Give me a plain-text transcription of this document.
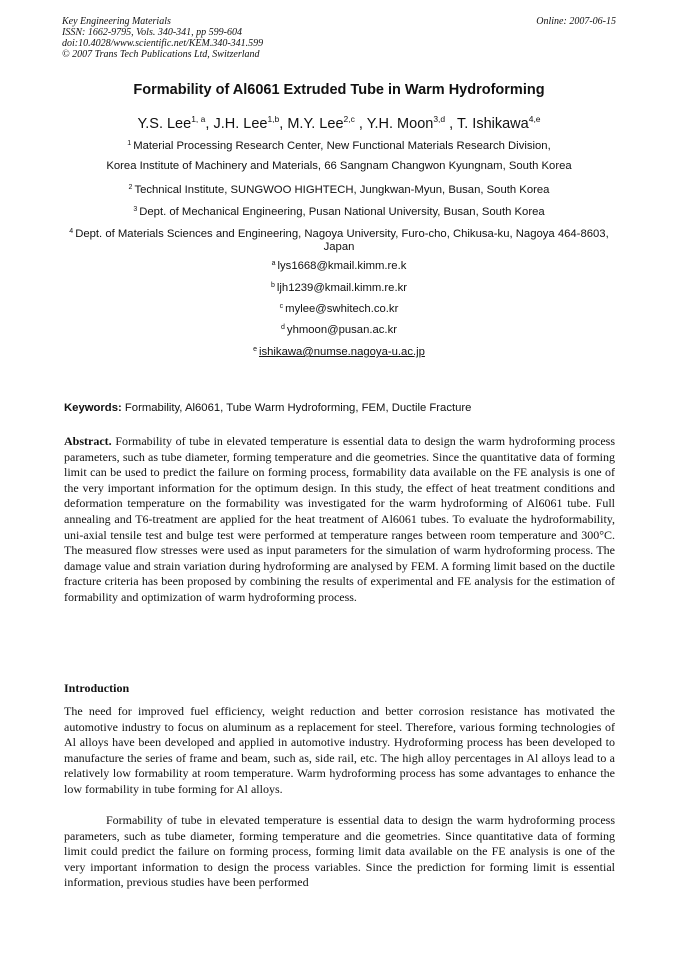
Key Engineering Materials
ISSN: 1662-9795, Vols. 340-341, pp 599-604
doi:10.4028/www.scientific.net/KEM.340-341.599
© 2007 Trans Tech Publications Ltd, Switzerland
Online: 2007-06-15
Formability of Al6061 Extruded Tube in Warm Hydroforming
Y.S. Lee$^{1, a}$, J.H. Lee$^{1,b}$, M.Y. Lee$^{2,c}$ , Y.H. Moon$^{3,d}$ , T. Ishikawa$^{4,e}$
$^1$ Material Processing Research Center, New Functional Materials Research Division,
Korea Institute of Machinery and Materials, 66 Sangnam Changwon Kyungnam, South Korea
$^2$ Technical Institute, SUNGWOO HIGHTECH, Jungkwan-Myun, Busan, South Korea
$^3$ Dept. of Mechanical Engineering, Pusan National University, Busan, South Korea
$^4$ Dept. of Materials Sciences and Engineering, Nagoya University, Furo-cho, Chikusa-ku, Nagoya 464-8603, Japan
$^a$ lys1668@kmail.kimm.re.k
$^b$ ljh1239@kmail.kimm.re.kr
$^c$ mylee@swhitech.co.kr
$^d$ yhmoon@pusan.ac.kr
$^e$ ishikawa@numse.nagoya-u.ac.jp
Keywords: Formability, Al6061, Tube Warm Hydroforming, FEM, Ductile Fracture

Abstract. Formability of tube in elevated temperature is essential data to design the warm hydroforming process parameters, such as tube diameter, forming temperature and die geometries. Since the quantitative data of forming limit can be used to predict the failure on forming process, formability data available on the FE analysis is one of the very important information for the optimum design. In this study, the effect of heat treatment conditions and deformation temperature on the formability was investigated for the warm hydroforming of Al6061 tube. Full annealing and T6-treatment are applied for the heat treatment of Al6061 tubes. To evaluate the hydroformability, uni-axial tensile test and bulge test were performed at temperature ranges between room temperature and 300°C. The measured flow stresses were used as input parameters for the simulation of warm hydroforming process. The damage value and strain variation during hydroforming are analysed by FEM. A forming limit based on the ductile fracture criteria has been proposed by combining the results of experimental and FE analysis for the estimation of formability and optimization of warm hydroforming process.

Introduction

The need for improved fuel efficiency, weight reduction and better corrosion resistance has motivated the automotive industry to focus on aluminum as a replacement for steel. Therefore, various forming technologies of Al alloys have been developed and applied in automotive industry. Hydroforming process has been developed to manufacture the series of frame and beam, such as, side rail, etc. The high alloy percentages in Al alloys lead to a relatively low formability at room temperature. Warm hydroforming process has some advantages to enhance the low formability in tube forming for Al alloys.

Formability of tube in elevated temperature is essential data to design the warm hydroforming process parameters, such as tube diameter, forming temperature and die geometries. Since quantitative data of forming limit could predict the failure on forming process, forming limit data available on the FE analysis is one of the very important information to design the process variables. Since the prediction for forming limit is essential information, previous studies have been performed
